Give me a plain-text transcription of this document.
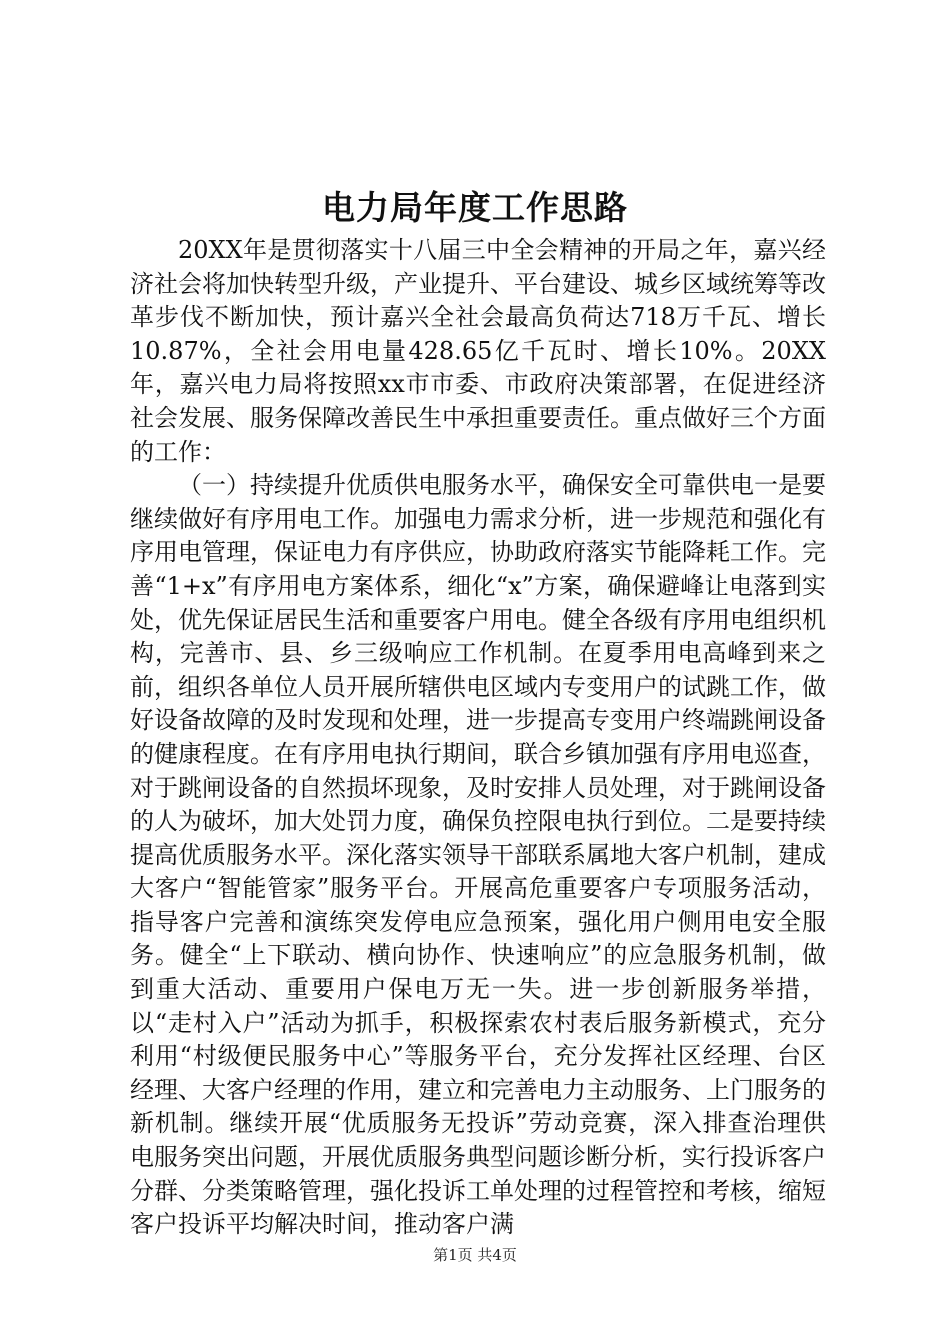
电力局年度工作思路

20XX年是贯彻落实十八届三中全会精神的开局之年，嘉兴经济社会将加快转型升级，产业提升、平台建设、城乡区域统筹等改革步伐不断加快，预计嘉兴全社会最高负荷达718万千瓦、增长10.87%，全社会用电量428.65亿千瓦时、增长10%。20XX年，嘉兴电力局将按照xx市市委、市政府决策部署，在促进经济社会发展、服务保障改善民生中承担重要责任。重点做好三个方面的工作：

（一）持续提升优质供电服务水平，确保安全可靠供电一是要继续做好有序用电工作。加强电力需求分析，进一步规范和强化有序用电管理，保证电力有序供应，协助政府落实节能降耗工作。完善“1+x”有序用电方案体系，细化“x”方案，确保避峰让电落到实处，优先保证居民生活和重要客户用电。健全各级有序用电组织机构，完善市、县、乡三级响应工作机制。在夏季用电高峰到来之前，组织各单位人员开展所辖供电区域内专变用户的试跳工作，做好设备故障的及时发现和处理，进一步提高专变用户终端跳闸设备的健康程度。在有序用电执行期间，联合乡镇加强有序用电巡查，对于跳闸设备的自然损坏现象，及时安排人员处理，对于跳闸设备的人为破坏，加大处罚力度，确保负控限电执行到位。二是要持续提高优质服务水平。深化落实领导干部联系属地大客户机制，建成大客户“智能管家”服务平台。开展高危重要客户专项服务活动，指导客户完善和演练突发停电应急预案，强化用户侧用电安全服务。健全“上下联动、横向协作、快速响应”的应急服务机制，做到重大活动、重要用户保电万无一失。进一步创新服务举措，以“走村入户”活动为抓手，积极探索农村表后服务新模式，充分利用“村级便民服务中心”等服务平台，充分发挥社区经理、台区经理、大客户经理的作用，建立和完善电力主动服务、上门服务的新机制。继续开展“优质服务无投诉”劳动竞赛，深入排查治理供电服务突出问题，开展优质服务典型问题诊断分析，实行投诉客户分群、分类策略管理，强化投诉工单处理的过程管控和考核，缩短客户投诉平均解决时间，推动客户满

第1页 共4页
